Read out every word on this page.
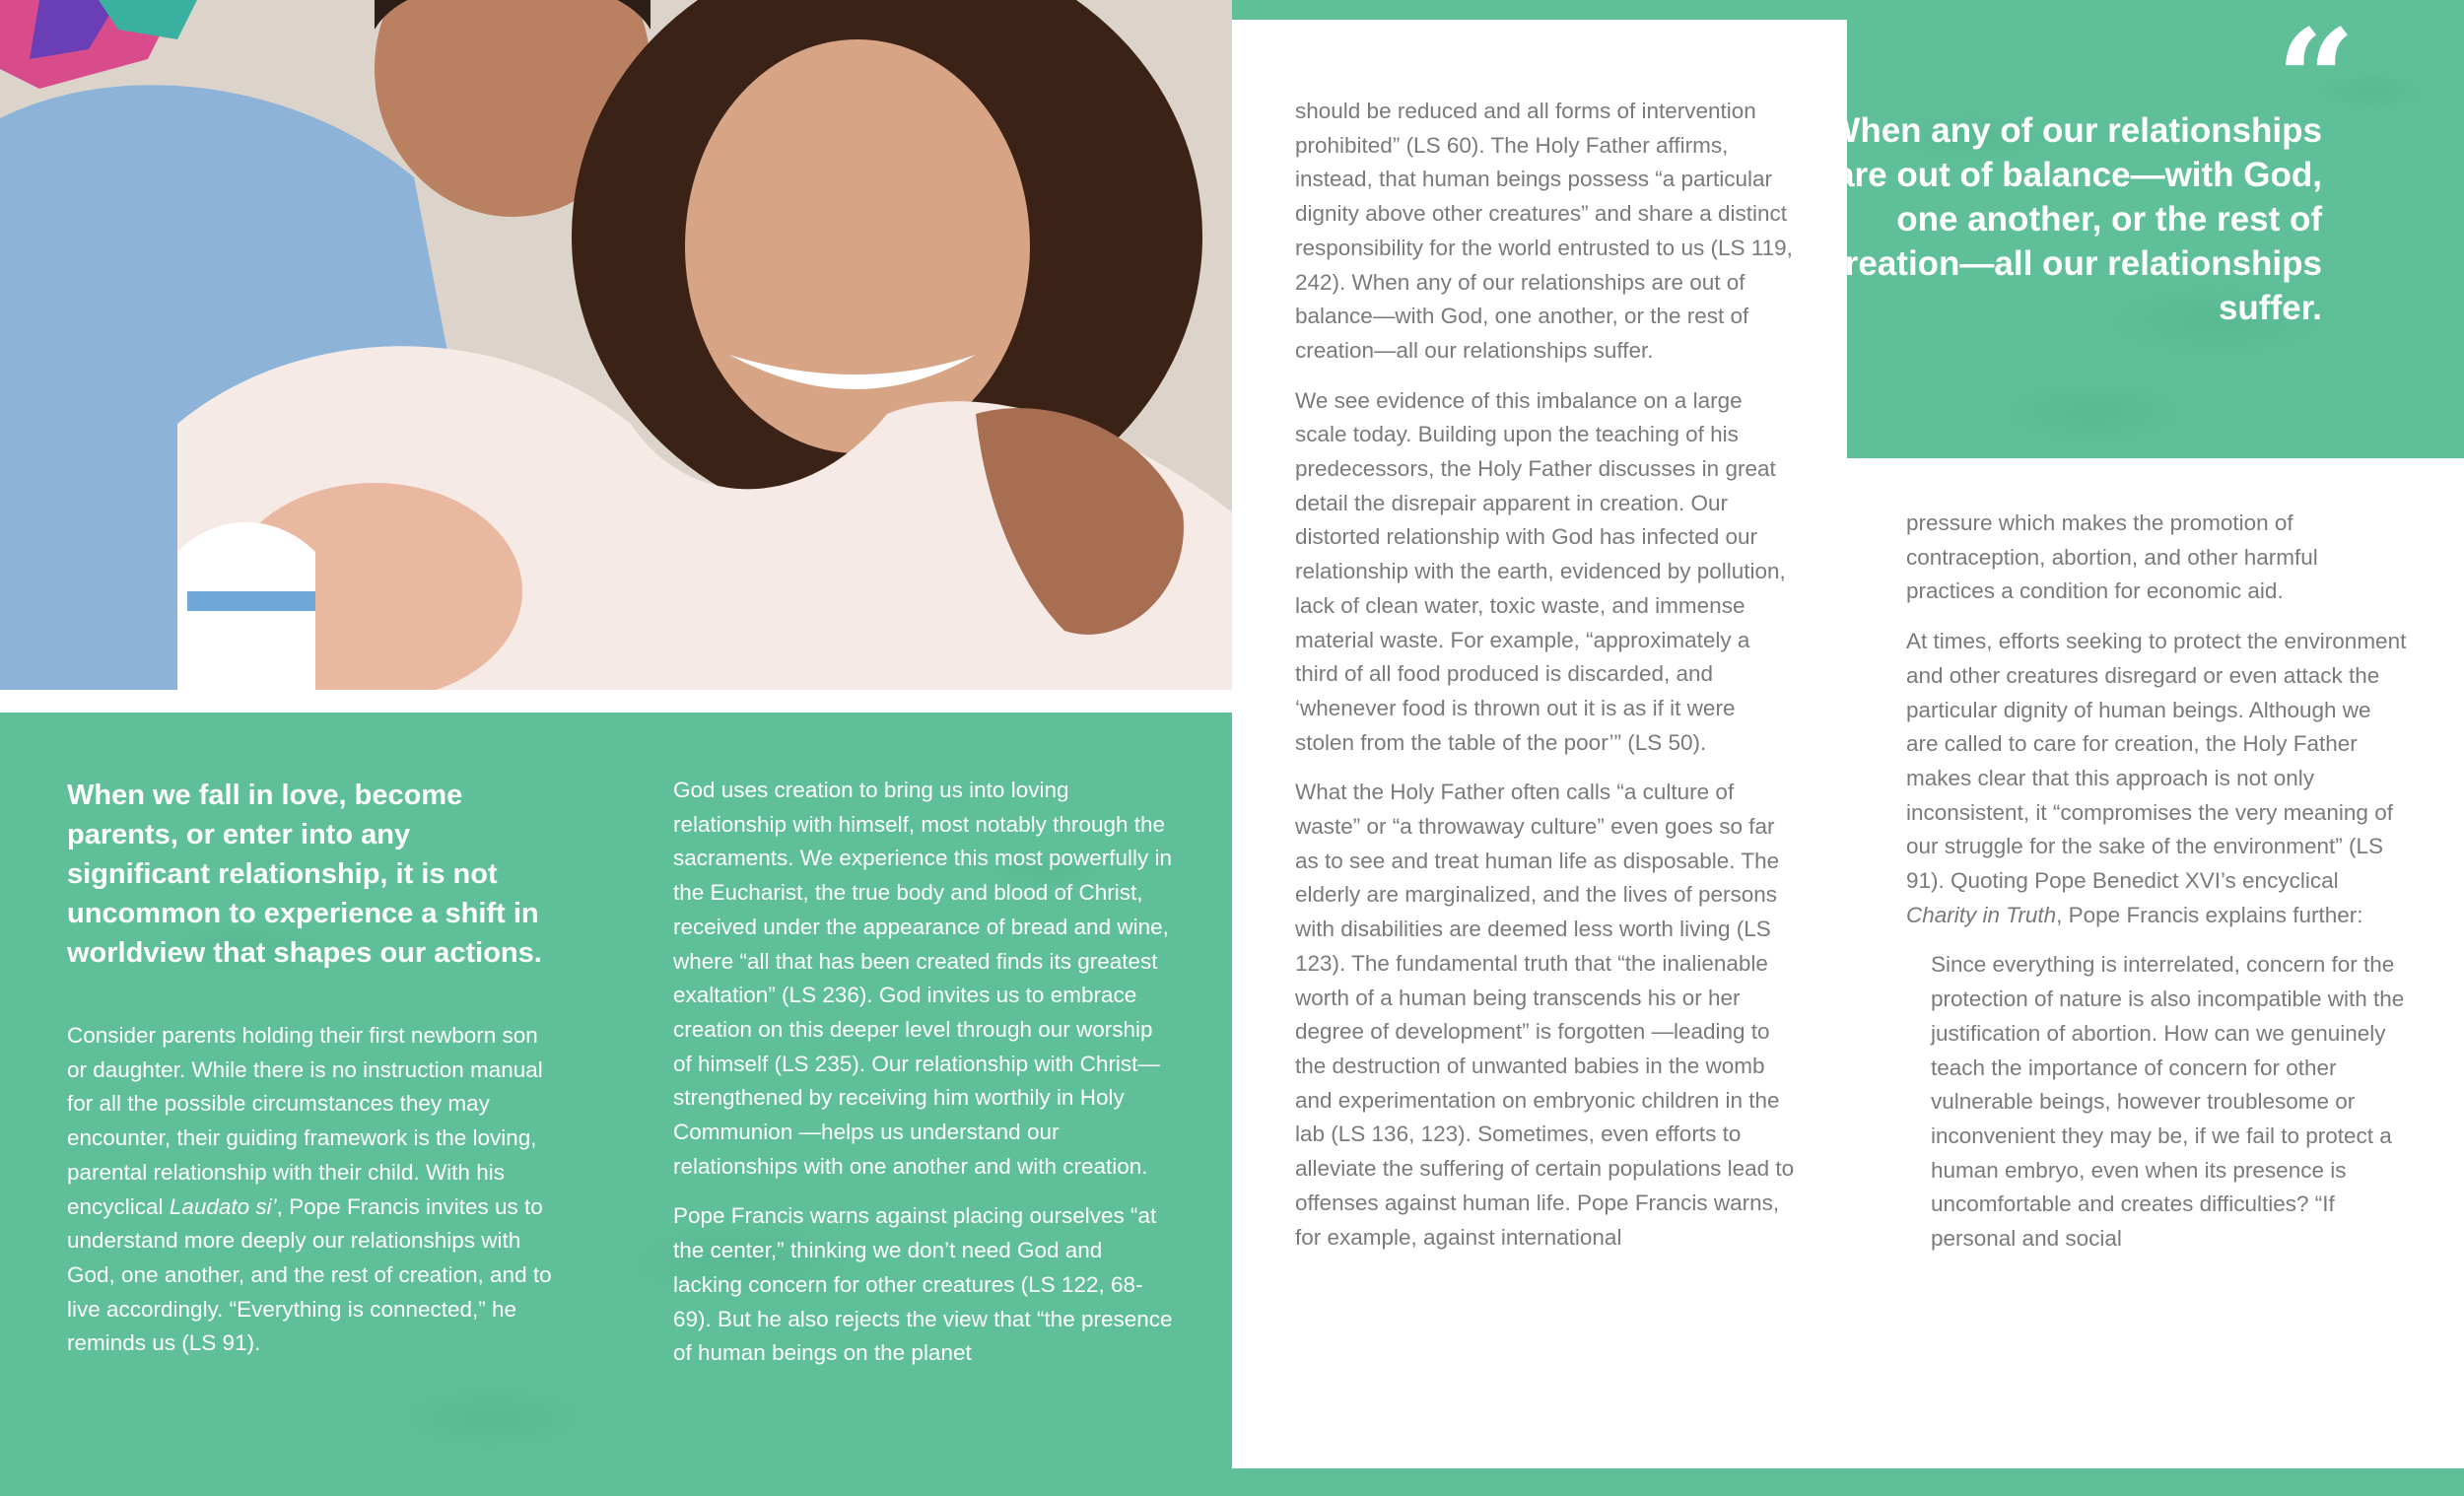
When we fall in love, become parents, or enter into any significant relationship, it is not uncommon to experience a shift in worldview that shapes our actions.

Consider parents holding their first newborn son or daughter. While there is no instruction manual for all the possible circumstances they may encounter, their guiding framework is the loving, parental relationship with their child. With his encyclical Laudato si’, Pope Francis invites us to understand more deeply our relationships with God, one another, and the rest of creation, and to live accordingly. “Everything is connected,” he reminds us (LS 91).

God uses creation to bring us into loving relationship with himself, most notably through the sacraments. We experience this most powerfully in the Eucharist, the true body and blood of Christ, received under the appearance of bread and wine, where “all that has been created finds its greatest exaltation” (LS 236). God invites us to embrace creation on this deeper level through our worship of himself (LS 235). Our relationship with Christ—strengthened by receiving him worthily in Holy Communion —helps us understand our relationships with one another and with creation.

Pope Francis warns against placing ourselves “at the center,” thinking we don’t need God and lacking concern for other creatures (LS 122, 68-69). But he also rejects the view that “the presence of human beings on the planet

“
When any of our relationships are out of balance—with God, one another, or the rest of creation—all our relationships suffer.

should be reduced and all forms of intervention prohibited” (LS 60). The Holy Father affirms, instead, that human beings possess “a particular dignity above other creatures” and share a distinct responsibility for the world entrusted to us (LS 119, 242). When any of our relationships are out of balance—with God, one another, or the rest of creation—all our relationships suffer.

We see evidence of this imbalance on a large scale today. Building upon the teaching of his predecessors, the Holy Father discusses in great detail the disrepair apparent in creation. Our distorted relationship with God has infected our relationship with the earth, evidenced by pollution, lack of clean water, toxic waste, and immense material waste. For example, “approximately a third of all food produced is discarded, and ‘whenever food is thrown out it is as if it were stolen from the table of the poor’” (LS 50).

What the Holy Father often calls “a culture of waste” or “a throwaway culture” even goes so far as to see and treat human life as disposable. The elderly are marginalized, and the lives of persons with disabilities are deemed less worth living (LS 123). The fundamental truth that “the inalienable worth of a human being transcends his or her degree of development” is forgotten —leading to the destruction of unwanted babies in the womb and experimentation on embryonic children in the lab (LS 136, 123). Sometimes, even efforts to alleviate the suffering of certain populations lead to offenses against human life. Pope Francis warns, for example, against international

pressure which makes the promotion of contraception, abortion, and other harmful practices a condition for economic aid.

At times, efforts seeking to protect the environment and other creatures disregard or even attack the particular dignity of human beings. Although we are called to care for creation, the Holy Father makes clear that this approach is not only inconsistent, it “compromises the very meaning of our struggle for the sake of the environment” (LS 91). Quoting Pope Benedict XVI’s encyclical Charity in Truth, Pope Francis explains further:

Since everything is interrelated, concern for the protection of nature is also incompatible with the justification of abortion. How can we genuinely teach the importance of concern for other vulnerable beings, however troublesome or inconvenient they may be, if we fail to protect a human embryo, even when its presence is uncomfortable and creates difficulties? “If personal and social
